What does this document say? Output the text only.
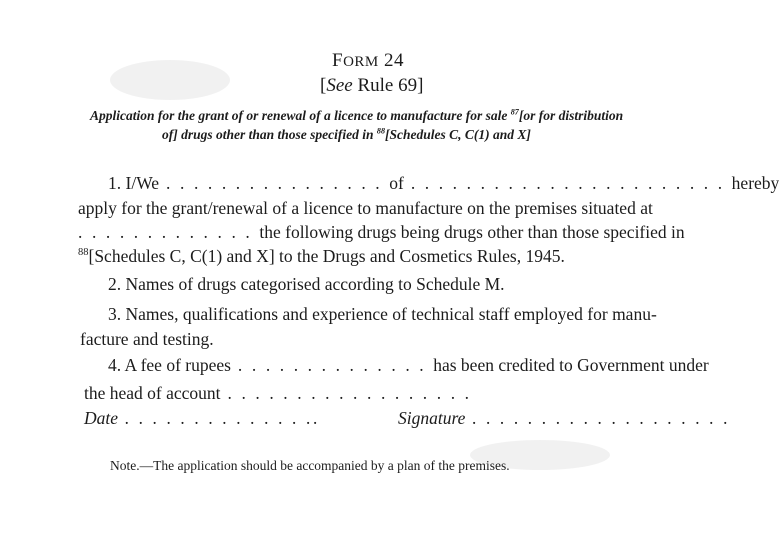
FORM 24
[See Rule 69]
Application for the grant of or renewal of a licence to manufacture for sale $^{87}$[or for distribution
of] drugs other than those specified in $^{88}$[Schedules C, C(1) and X]
1. I/We . . . . . . . . . . . . . . . . of . . . . . . . . . . . . . . . . . . . . . . . hereby
apply for the grant/renewal of a licence to manufacture on the premises situated at
. . . . . . . . . . . . . the following drugs being drugs other than those specified in
$^{88}$[Schedules C, C(1) and X] to the Drugs and Cosmetics Rules, 1945.
2. Names of drugs categorised according to Schedule M.
3. Names, qualifications and experience of technical staff employed for manu-
facture and testing.
4. A fee of rupees . . . . . . . . . . . . . . has been credited to Government under
the head of account . . . . . . . . . . . . . . . . . .
Date . . . . . . . . . . . . . ..	Signature . . . . . . . . . . . . . . . . . . .
Note.—The application should be accompanied by a plan of the premises.
